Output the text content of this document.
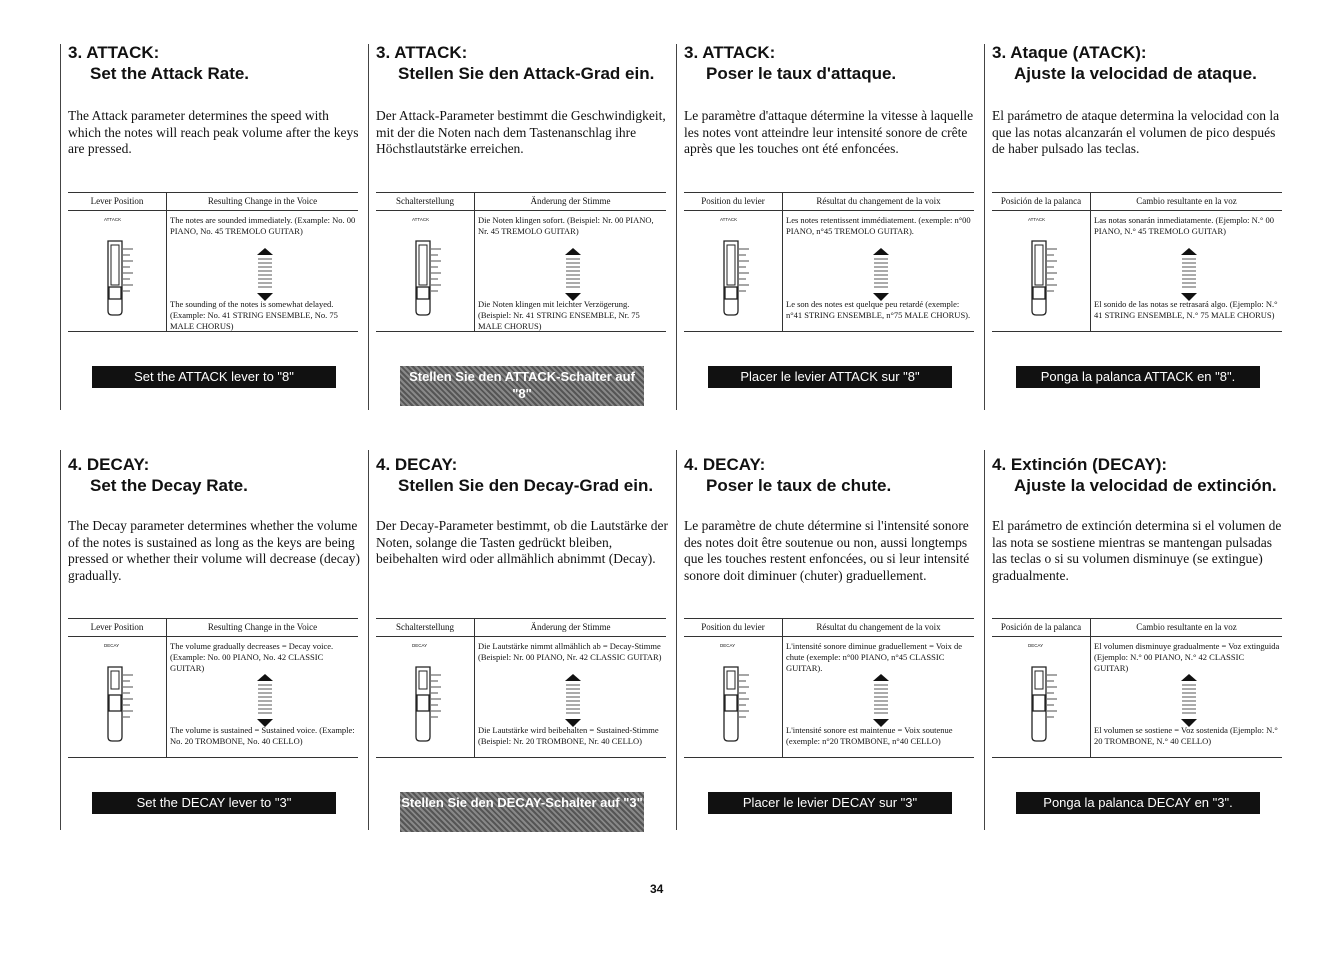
3. ATTACK:
Set the Attack Rate.

The Attack parameter determines the speed with which the notes will reach peak volume after the keys are pressed.

Lever Position	Resulting Change in the Voice
ATTACK	The notes are sounded immediately. (Example: No. 00 PIANO, No. 45 TREMOLO GUITAR)
The sounding of the notes is somewhat delayed. (Example: No. 41 STRING ENSEMBLE, No. 75 MALE CHORUS)
Set the ATTACK lever to "8"
4. DECAY:
Set the Decay Rate.

The Decay parameter determines whether the volume of the notes is sustained as long as the keys are being pressed or whether their volume will decrease (decay) gradually.

Lever Position	Resulting Change in the Voice
DECAY	The volume gradually decreases = Decay voice. (Example: No. 00 PIANO, No. 42 CLASSIC GUITAR)
The volume is sustained = Sustained voice. (Example: No. 20 TROMBONE, No. 40 CELLO)
Set the DECAY lever to "3"
3. ATTACK:
Stellen Sie den Attack-Grad ein.

Der Attack-Parameter bestimmt die Geschwindigkeit, mit der die Noten nach dem Tastenanschlag ihre Höchstlautstärke erreichen.

Schalterstellung	Änderung der Stimme
ATTACK	Die Noten klingen sofort. (Beispiel: Nr. 00 PIANO, Nr. 45 TREMOLO GUITAR)
Die Noten klingen mit leichter Verzögerung. (Beispiel: Nr. 41 STRING ENSEMBLE, Nr. 75 MALE CHORUS)
Stellen Sie den ATTACK-Schalter auf "8"
4. DECAY:
Stellen Sie den Decay-Grad ein.

Der Decay-Parameter bestimmt, ob die Lautstärke der Noten, solange die Tasten gedrückt bleiben, beibehalten wird oder allmählich abnimmt (Decay).

Schalterstellung	Änderung der Stimme
DECAY	Die Lautstärke nimmt allmählich ab = Decay-Stimme (Beispiel: Nr. 00 PIANO, Nr. 42 CLASSIC GUITAR)
Die Lautstärke wird beibehalten = Sustained-Stimme (Beispiel: Nr. 20 TROMBONE, Nr. 40 CELLO)
Stellen Sie den DECAY-Schalter auf "3"
3. ATTACK:
Poser le taux d'attaque.

Le paramètre d'attaque détermine la vitesse à laquelle les notes vont atteindre leur intensité sonore de crête après que les touches ont été enfoncées.

Position du levier	Résultat du changement de la voix
ATTACK	Les notes retentissent immédiatement. (exemple: n°00 PIANO, n°45 TREMOLO GUITAR).
Le son des notes est quelque peu retardé (exemple: n°41 STRING ENSEMBLE, n°75 MALE CHORUS).
Placer le levier ATTACK sur "8"
4. DECAY:
Poser le taux de chute.

Le paramètre de chute détermine si l'intensité sonore des notes doit être soutenue ou non, aussi longtemps que les touches restent enfoncées, ou si leur intensité sonore doit diminuer (chuter) graduellement.

Position du levier	Résultat du changement de la voix
DECAY	L'intensité sonore diminue graduellement = Voix de chute (exemple: n°00 PIANO, n°45 CLASSIC GUITAR).
L'intensité sonore est maintenue = Voix soutenue (exemple: n°20 TROMBONE, n°40 CELLO)
Placer le levier DECAY sur "3"
3. Ataque (ATACK):
Ajuste la velocidad de ataque.

El parámetro de ataque determina la velocidad con la que las notas alcanzarán el volumen de pico después de haber pulsado las teclas.

Posición de la palanca	Cambio resultante en la voz
ATTACK	Las notas sonarán inmediatamente. (Ejemplo: N.° 00 PIANO, N.° 45 TREMOLO GUITAR)
El sonido de las notas se retrasará algo. (Ejemplo: N.° 41 STRING ENSEMBLE, N.° 75 MALE CHORUS)
Ponga la palanca ATTACK en "8".
4. Extinción (DECAY):
Ajuste la velocidad de extinción.

El parámetro de extinción determina si el volumen de las nota se sostiene mientras se mantengan pulsadas las teclas o si su volumen disminuye (se extingue) gradualmente.

Posición de la palanca	Cambio resultante en la voz
DECAY	El volumen disminuye gradualmente = Voz extinguida (Ejemplo: N.° 00 PIANO, N.° 42 CLASSIC GUITAR)
El volumen se sostiene = Voz sostenida (Ejemplo: N.° 20 TROMBONE, N.° 40 CELLO)
Ponga la palanca DECAY en "3".
34
